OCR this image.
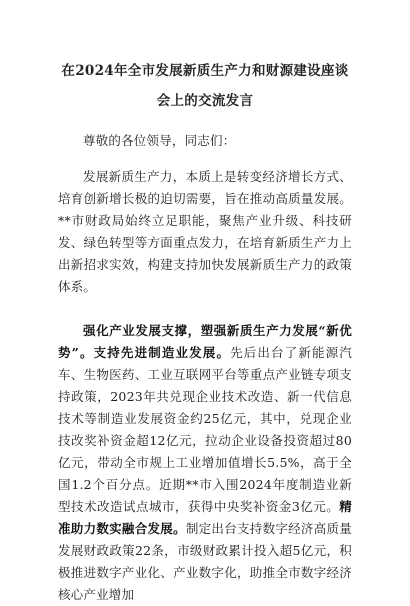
在2024年全市发展新质生产力和财源建设座谈会上的交流发言

尊敬的各位领导，同志们：

发展新质生产力，本质上是转变经济增长方式、培育创新增长极的迫切需要，旨在推动高质量发展。**市财政局始终立足职能，聚焦产业升级、科技研发、绿色转型等方面重点发力，在培育新质生产力上出新招求实效，构建支持加快发展新质生产力的政策体系。

强化产业发展支撑，塑强新质生产力发展“新优势”。支持先进制造业发展。先后出台了新能源汽车、生物医药、工业互联网平台等重点产业链专项支持政策，2023年共兑现企业技术改造、新一代信息技术等制造业发展资金约25亿元，其中，兑现企业技改奖补资金超12亿元，拉动企业设备投资超过80亿元，带动全市规上工业增加值增长5.5%，高于全国1.2个百分点。近期**市入围2024年度制造业新型技术改造试点城市，获得中央奖补资金3亿元。精准助力数实融合发展。制定出台支持数字经济高质量发展财政政策22条，市级财政累计投入超5亿元，积极推进数字产业化、产业数字化，助推全市数字经济核心产业增加
